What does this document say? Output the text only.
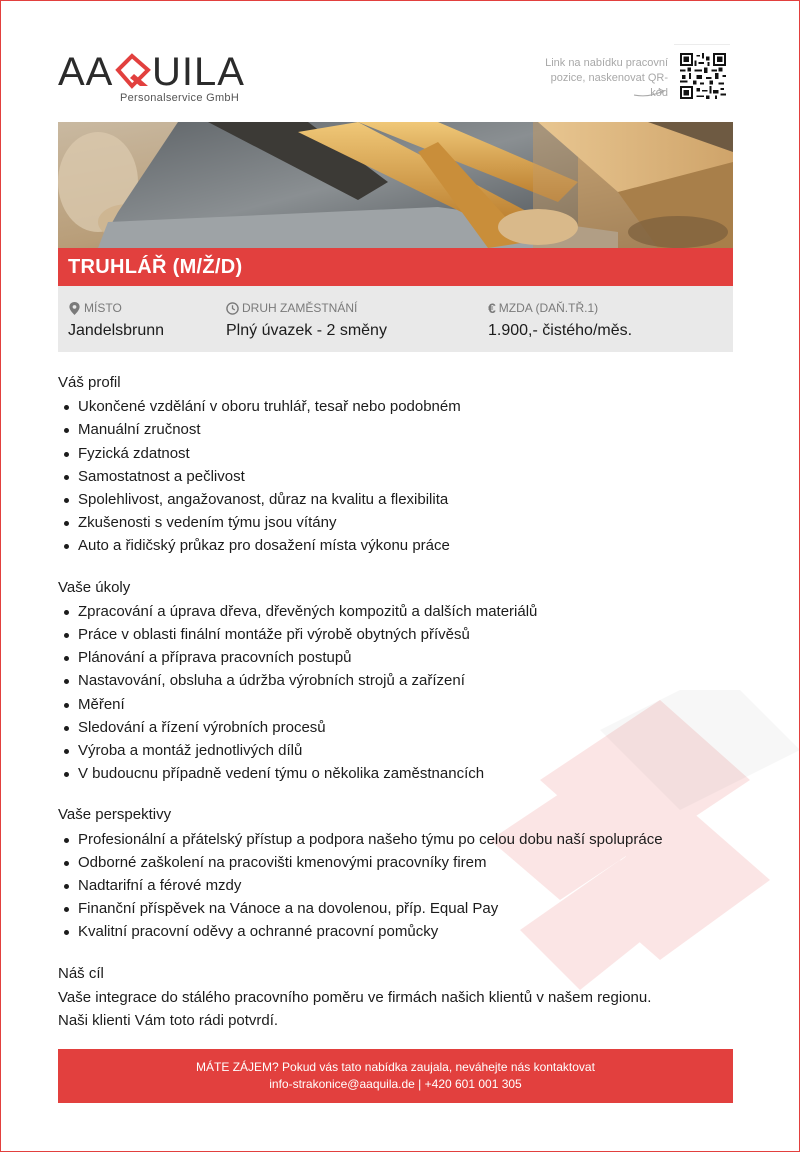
AA UILA
Personalservice GmbH
Link na nabídku pracovní pozice, naskenovat QR-kód
TRUHLÁŘ (M/Ž/D)
MÍSTO
Jandelsbrunn
DRUH ZAMĚSTNÁNÍ
Plný úvazek - 2 směny
€ MZDA (DAŇ.TŘ.1)
1.900,- čistého/měs.
Váš profil
Ukončené vzdělání v oboru truhlář, tesař nebo podobném
Manuální zručnost
Fyzická zdatnost
Samostatnost a pečlivost
Spolehlivost, angažovanost, důraz na kvalitu a flexibilita
Zkušenosti s vedením týmu jsou vítány
Auto a řidičský průkaz pro dosažení místa výkonu práce
Vaše úkoly
Zpracování a úprava dřeva, dřevěných kompozitů a dalších materiálů
Práce v oblasti finální montáže při výrobě obytných přívěsů
Plánování a příprava pracovních postupů
Nastavování, obsluha a údržba výrobních strojů a zařízení
Měření
Sledování a řízení výrobních procesů
Výroba a montáž jednotlivých dílů
V budoucnu případně vedení týmu o několika zaměstnancích
Vaše perspektivy
Profesionální a přátelský přístup a podpora našeho týmu po celou dobu naší spolupráce
Odborné zaškolení na pracovišti kmenovými pracovníky firem
Nadtarifní a férové mzdy
Finanční příspěvek na Vánoce a na dovolenou, příp. Equal Pay
Kvalitní pracovní oděvy a ochranné pracovní pomůcky
Náš cíl
Vaše integrace do stálého pracovního poměru ve firmách našich klientů v našem regionu.
Naši klienti Vám toto rádi potvrdí.
MÁTE ZÁJEM? Pokud vás tato nabídka zaujala, neváhejte nás kontaktovat
info-strakonice@aaquila.de | +420 601 001 305
